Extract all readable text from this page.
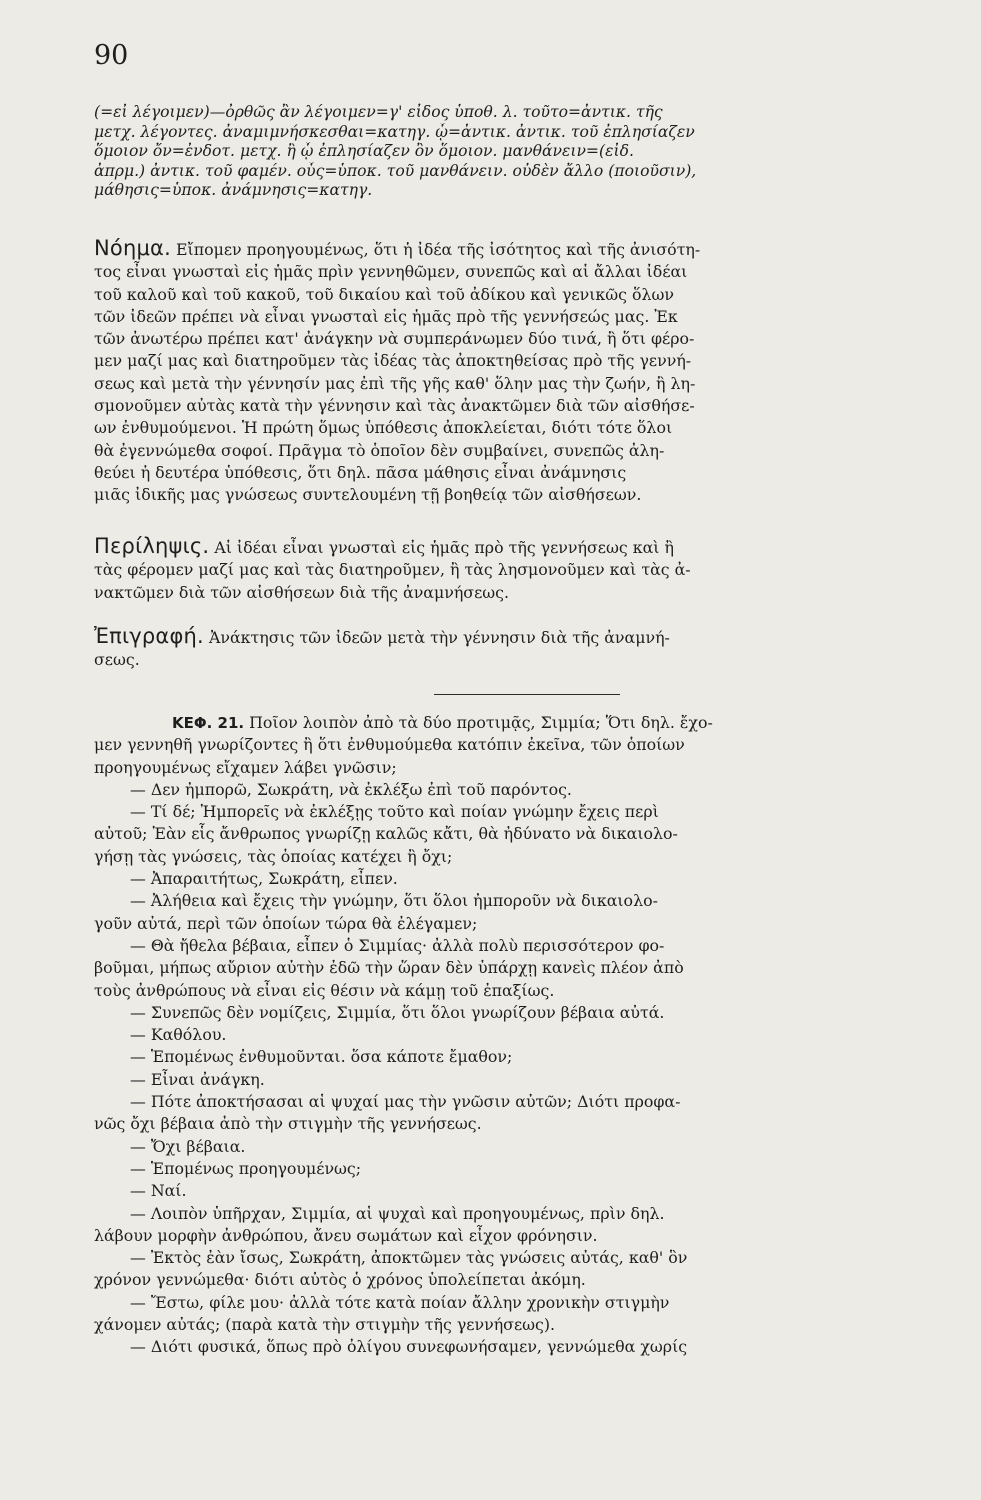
90
(=εἰ λέγοιμεν)—ὀρθῶς ἂν λέγοιμεν=γ' εἶδος ὑποθ. λ. τοῦτο=ἀντικ. τῆς
μετχ. λέγοντες. ἀναμιμνήσκεσθαι=κατηγ. ᾧ=ἀντικ. ἀντικ. τοῦ ἐπλησίαζεν
ὅμοιον ὄν=ἐνδοτ. μετχ. ἢ ᾧ ἐπλησίαζεν ὂν ὅμοιον. μανθάνειν=(εἰδ.
ἀπρμ.) ἀντικ. τοῦ φαμέν. οὗς=ὑποκ. τοῦ μανθάνειν. οὐδὲν ἄλλο (ποιοῦσιν),
μάθησις=ὑποκ. ἀνάμνησις=κατηγ.
Νόημα. Εἴπομεν προηγουμένως, ὅτι ἡ ἰδέα τῆς ἰσότητος καὶ τῆς ἀνισότη-
τος εἶναι γνωσταὶ εἰς ἡμᾶς πρὶν γεννηθῶμεν, συνεπῶς καὶ αἱ ἄλλαι ἰδέαι
τοῦ καλοῦ καὶ τοῦ κακοῦ, τοῦ δικαίου καὶ τοῦ ἀδίκου καὶ γενικῶς ὅλων
τῶν ἰδεῶν πρέπει νὰ εἶναι γνωσταὶ εἰς ἡμᾶς πρὸ τῆς γεννήσεώς μας. Ἐκ
τῶν ἀνωτέρω πρέπει κατ' ἀνάγκην νὰ συμπεράνωμεν δύο τινά, ἢ ὅτι φέρο-
μεν μαζί μας καὶ διατηροῦμεν τὰς ἰδέας τὰς ἀποκτηθείσας πρὸ τῆς γεννή-
σεως καὶ μετὰ τὴν γέννησίν μας ἐπὶ τῆς γῆς καθ' ὅλην μας τὴν ζωήν, ἢ λη-
σμονοῦμεν αὐτὰς κατὰ τὴν γέννησιν καὶ τὰς ἀνακτῶμεν διὰ τῶν αἰσθήσε-
ων ἐνθυμούμενοι. Ἡ πρώτη ὅμως ὑπόθεσις ἀποκλείεται, διότι τότε ὅλοι
θὰ ἐγεννώμεθα σοφοί. Πρᾶγμα τὸ ὁποῖον δὲν συμβαίνει, συνεπῶς ἀλη-
θεύει ἡ δευτέρα ὑπόθεσις, ὅτι δηλ. πᾶσα μάθησις εἶναι ἀνάμνησις
μιᾶς ἰδικῆς μας γνώσεως συντελουμένη τῇ βοηθείᾳ τῶν αἰσθήσεων.
Περίληψις. Αἱ ἰδέαι εἶναι γνωσταὶ εἰς ἡμᾶς πρὸ τῆς γεννήσεως καὶ ἢ
τὰς φέρομεν μαζί μας καὶ τὰς διατηροῦμεν, ἢ τὰς λησμονοῦμεν καὶ τὰς ἀ-
νακτῶμεν διὰ τῶν αἰσθήσεων διὰ τῆς ἀναμνήσεως.
Ἐπιγραφή. Ἀνάκτησις τῶν ἰδεῶν μετὰ τὴν γέννησιν διὰ τῆς ἀναμνή-
σεως.
ΚΕΦ. 21. Ποῖον λοιπὸν ἀπὸ τὰ δύο προτιμᾷς, Σιμμία; Ὅτι δηλ. ἔχο-
μεν γεννηθῆ γνωρίζοντες ἢ ὅτι ἐνθυμούμεθα κατόπιν ἐκεῖνα, τῶν ὁποίων
προηγουμένως εἴχαμεν λάβει γνῶσιν;
— Δεν ἠμπορῶ, Σωκράτη, νὰ ἐκλέξω ἐπὶ τοῦ παρόντος.
— Τί δέ; Ἠμπορεῖς νὰ ἐκλέξῃς τοῦτο καὶ ποίαν γνώμην ἔχεις περὶ
αὐτοῦ; Ἐὰν εἷς ἄνθρωπος γνωρίζῃ καλῶς κἄτι, θὰ ἠδύνατο νὰ δικαιολο-
γήσῃ τὰς γνώσεις, τὰς ὁποίας κατέχει ἢ ὄχι;
— Ἀπαραιτήτως, Σωκράτη, εἶπεν.
— Ἀλήθεια καὶ ἔχεις τὴν γνώμην, ὅτι ὅλοι ἠμποροῦν νὰ δικαιολο-
γοῦν αὐτά, περὶ τῶν ὁποίων τώρα θὰ ἐλέγαμεν;
— Θὰ ἤθελα βέβαια, εἶπεν ὁ Σιμμίας· ἀλλὰ πολὺ περισσότερον φο-
βοῦμαι, μήπως αὔριον αὐτὴν ἐδῶ τὴν ὥραν δὲν ὑπάρχῃ κανεὶς πλέον ἀπὸ
τοὺς ἀνθρώπους νὰ εἶναι εἰς θέσιν νὰ κάμῃ τοῦ ἐπαξίως.
— Συνεπῶς δὲν νομίζεις, Σιμμία, ὅτι ὅλοι γνωρίζουν βέβαια αὐτά.
— Καθόλου.
— Ἑπομένως ἐνθυμοῦνται. ὅσα κάποτε ἔμαθον;
— Εἶναι ἀνάγκη.
— Πότε ἀποκτήσασαι αἱ ψυχαί μας τὴν γνῶσιν αὐτῶν; Διότι προφα-
νῶς ὄχι βέβαια ἀπὸ τὴν στιγμὴν τῆς γεννήσεως.
— Ὄχι βέβαια.
— Ἑπομένως προηγουμένως;
— Ναί.
— Λοιπὸν ὑπῆρχαν, Σιμμία, αἱ ψυχαὶ καὶ προηγουμένως, πρὶν δηλ.
λάβουν μορφὴν ἀνθρώπου, ἄνευ σωμάτων καὶ εἶχον φρόνησιν.
— Ἐκτὸς ἐὰν ἴσως, Σωκράτη, ἀποκτῶμεν τὰς γνώσεις αὐτάς, καθ' ὃν
χρόνον γεννώμεθα· διότι αὐτὸς ὁ χρόνος ὑπολείπεται ἀκόμη.
— Ἔστω, φίλε μου· ἀλλὰ τότε κατὰ ποίαν ἄλλην χρονικὴν στιγμὴν
χάνομεν αὐτάς; (παρὰ κατὰ τὴν στιγμὴν τῆς γεννήσεως).
— Διότι φυσικά, ὅπως πρὸ ὀλίγου συνεφωνήσαμεν, γεννώμεθα χωρίς
